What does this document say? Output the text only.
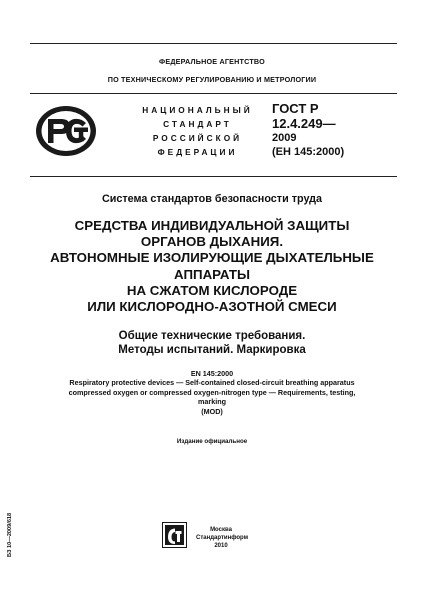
ФЕДЕРАЛЬНОЕ АГЕНТСТВО
ПО ТЕХНИЧЕСКОМУ РЕГУЛИРОВАНИЮ И МЕТРОЛОГИИ
НАЦИОНАЛЬНЫЙ
СТАНДАРТ
РОССИЙСКОЙ
ФЕДЕРАЦИИ
ГОСТ Р
12.4.249—
2009
(ЕН 145:2000)
Система стандартов безопасности труда
СРЕДСТВА ИНДИВИДУАЛЬНОЙ ЗАЩИТЫ
ОРГАНОВ ДЫХАНИЯ.
АВТОНОМНЫЕ ИЗОЛИРУЮЩИЕ ДЫХАТЕЛЬНЫЕ
АППАРАТЫ
НА СЖАТОМ КИСЛОРОДЕ
ИЛИ КИСЛОРОДНО-АЗОТНОЙ СМЕСИ
Общие технические требования.
Методы испытаний. Маркировка
EN 145:2000
Respiratory protective devices — Self-contained closed-circuit breathing apparatus
compressed oxygen or compressed oxygen-nitrogen type — Requirements, testing,
marking
(MOD)
Издание официальное
БЗ 10—2009/618	Москва
Стандартинформ
2010
